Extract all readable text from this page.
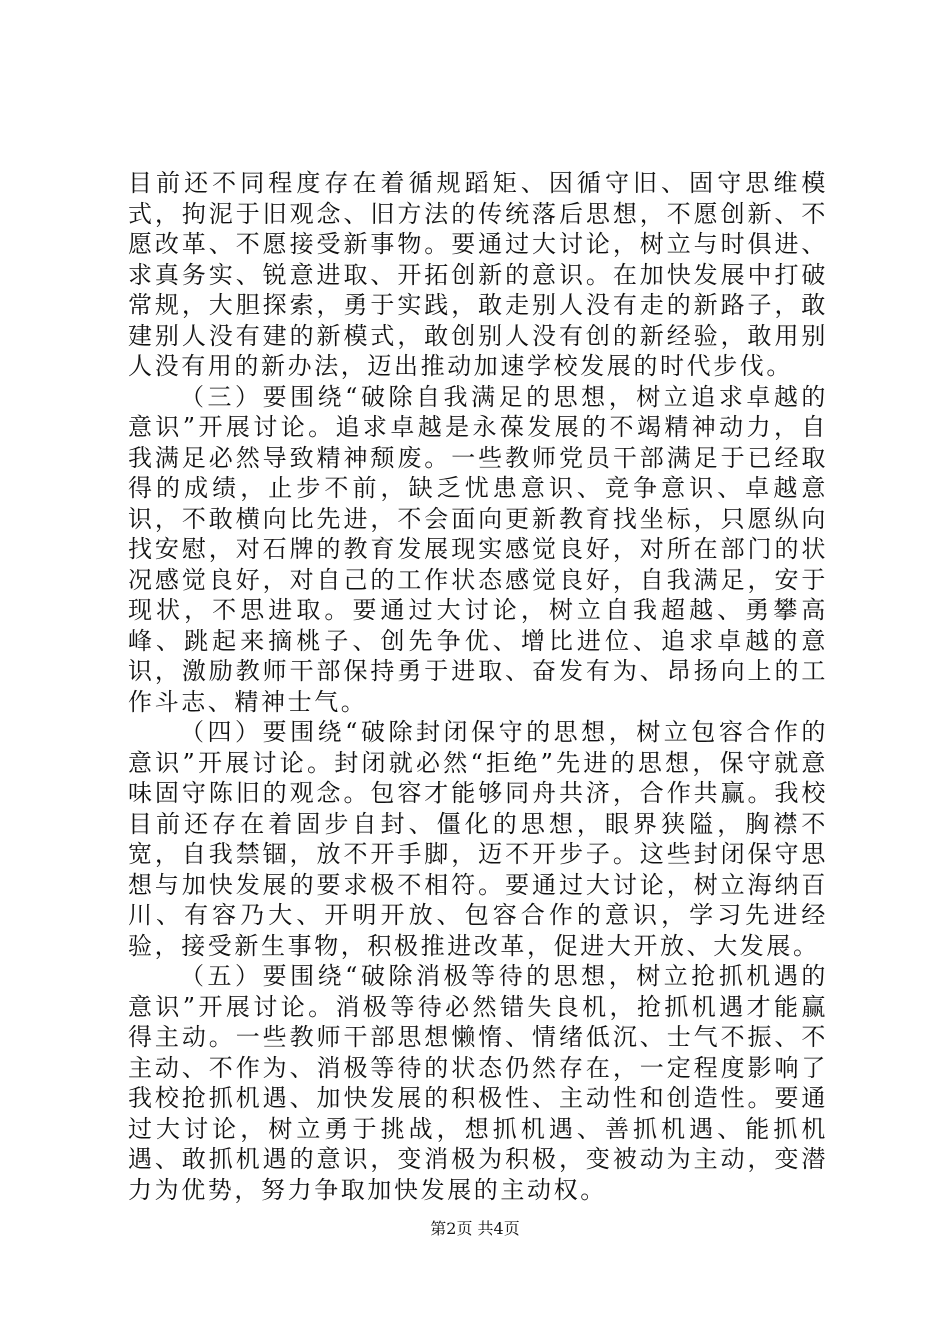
目前还不同程度存在着循规蹈矩、因循守旧、固守思维模式，拘泥于旧观念、旧方法的传统落后思想，不愿创新、不愿改革、不愿接受新事物。要通过大讨论，树立与时俱进、求真务实、锐意进取、开拓创新的意识。在加快发展中打破常规，大胆探索，勇于实践，敢走别人没有走的新路子，敢建别人没有建的新模式，敢创别人没有创的新经验，敢用别人没有用的新办法，迈出推动加速学校发展的时代步伐。

（三）要围绕“破除自我满足的思想，树立追求卓越的意识”开展讨论。追求卓越是永葆发展的不竭精神动力，自我满足必然导致精神颓废。一些教师党员干部满足于已经取得的成绩，止步不前，缺乏忧患意识、竞争意识、卓越意识，不敢横向比先进，不会面向更新教育找坐标，只愿纵向找安慰，对石牌的教育发展现实感觉良好，对所在部门的状况感觉良好，对自己的工作状态感觉良好，自我满足，安于现状，不思进取。要通过大讨论，树立自我超越、勇攀高峰、跳起来摘桃子、创先争优、增比进位、追求卓越的意识，激励教师干部保持勇于进取、奋发有为、昂扬向上的工作斗志、精神士气。

（四）要围绕“破除封闭保守的思想，树立包容合作的意识”开展讨论。封闭就必然“拒绝”先进的思想，保守就意味固守陈旧的观念。包容才能够同舟共济，合作共赢。我校目前还存在着固步自封、僵化的思想，眼界狭隘，胸襟不宽，自我禁锢，放不开手脚，迈不开步子。这些封闭保守思想与加快发展的要求极不相符。要通过大讨论，树立海纳百川、有容乃大、开明开放、包容合作的意识，学习先进经验，接受新生事物，积极推进改革，促进大开放、大发展。

（五）要围绕“破除消极等待的思想，树立抢抓机遇的意识”开展讨论。消极等待必然错失良机，抢抓机遇才能赢得主动。一些教师干部思想懒惰、情绪低沉、士气不振、不主动、不作为、消极等待的状态仍然存在，一定程度影响了我校抢抓机遇、加快发展的积极性、主动性和创造性。要通过大讨论，树立勇于挑战，想抓机遇、善抓机遇、能抓机遇、敢抓机遇的意识，变消极为积极，变被动为主动，变潜力为优势，努力争取加快发展的主动权。

第2页 共4页
